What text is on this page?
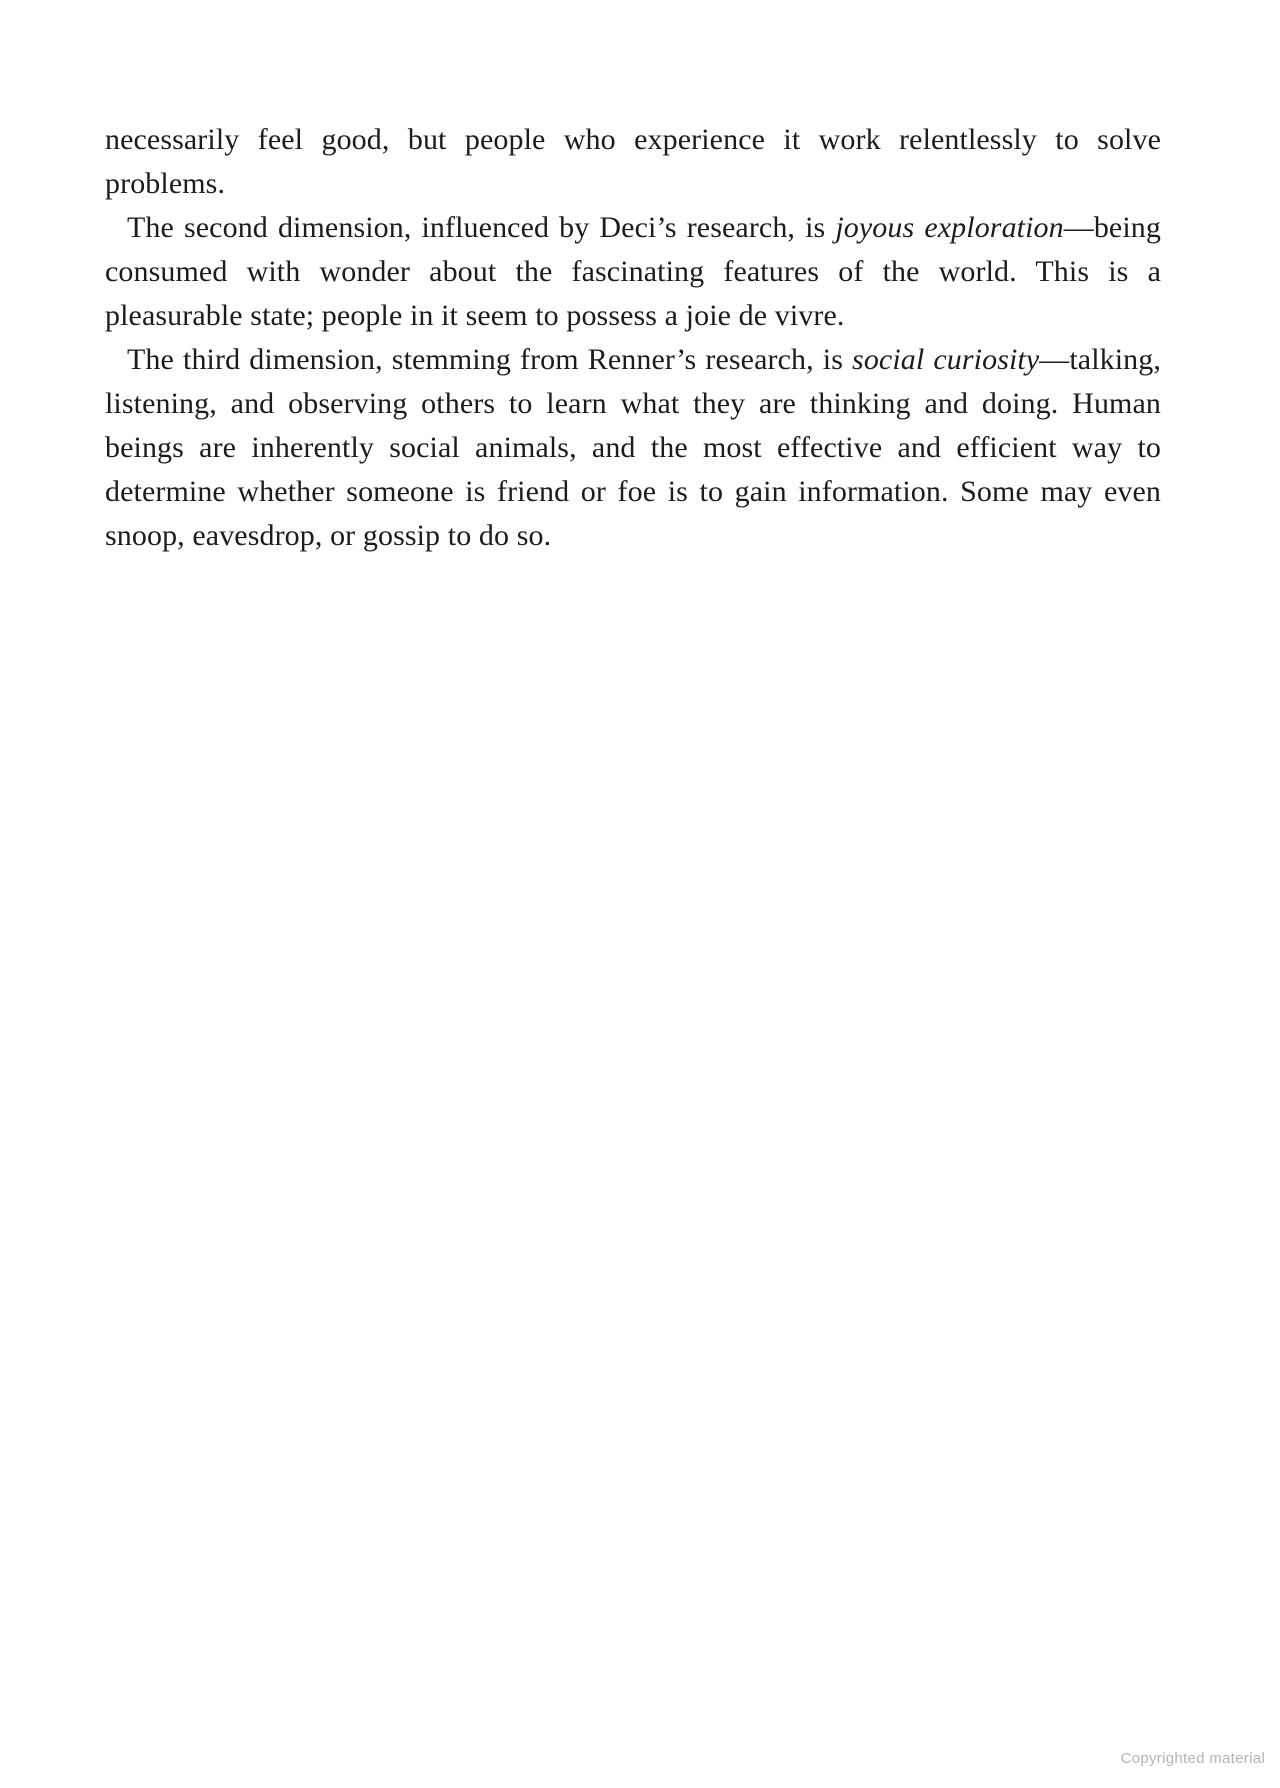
necessarily feel good, but people who experience it work relentlessly to solve problems.

The second dimension, influenced by Deci’s research, is joyous exploration—being consumed with wonder about the fascinating features of the world. This is a pleasurable state; people in it seem to possess a joie de vivre.

The third dimension, stemming from Renner’s research, is social curiosity—talking, listening, and observing others to learn what they are thinking and doing. Human beings are inherently social animals, and the most effective and efficient way to determine whether someone is friend or foe is to gain information. Some may even snoop, eavesdrop, or gossip to do so.

Copyrighted material
